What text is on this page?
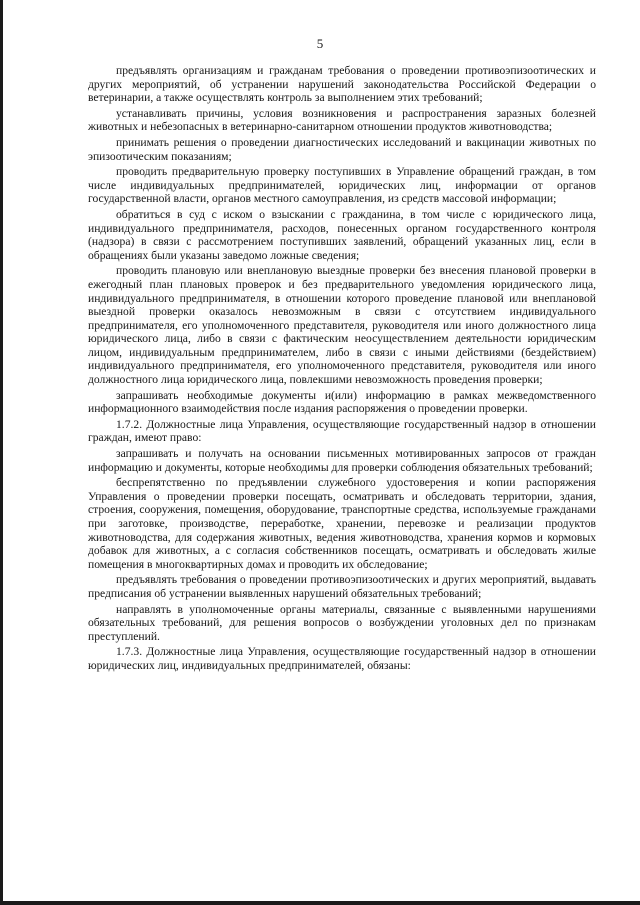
5

предъявлять организациям и гражданам требования о проведении противоэпизоотических и других мероприятий, об устранении нарушений законодательства Российской Федерации о ветеринарии, а также осуществлять контроль за выполнением этих требований;

устанавливать причины, условия возникновения и распространения заразных болезней животных и небезопасных в ветеринарно-санитарном отношении продуктов животноводства;

принимать решения о проведении диагностических исследований и вакцинации животных по эпизоотическим показаниям;

проводить предварительную проверку поступивших в Управление обращений граждан, в том числе индивидуальных предпринимателей, юридических лиц, информации от органов государственной власти, органов местного самоуправления, из средств массовой информации;

обратиться в суд с иском о взыскании с гражданина, в том числе с юридического лица, индивидуального предпринимателя, расходов, понесенных органом государственного контроля (надзора) в связи с рассмотрением поступивших заявлений, обращений указанных лиц, если в обращениях были указаны заведомо ложные сведения;

проводить плановую или внеплановую выездные проверки без внесения плановой проверки в ежегодный план плановых проверок и без предварительного уведомления юридического лица, индивидуального предпринимателя, в отношении которого проведение плановой или внеплановой выездной проверки оказалось невозможным в связи с отсутствием индивидуального предпринимателя, его уполномоченного представителя, руководителя или иного должностного лица юридического лица, либо в связи с фактическим неосуществлением деятельности юридическим лицом, индивидуальным предпринимателем, либо в связи с иными действиями (бездействием) индивидуального предпринимателя, его уполномоченного представителя, руководителя или иного должностного лица юридического лица, повлекшими невозможность проведения проверки;

запрашивать необходимые документы и(или) информацию в рамках межведомственного информационного взаимодействия после издания распоряжения о проведении проверки.

1.7.2. Должностные лица Управления, осуществляющие государственный надзор в отношении граждан, имеют право:

запрашивать и получать на основании письменных мотивированных запросов от граждан информацию и документы, которые необходимы для проверки соблюдения обязательных требований;

беспрепятственно по предъявлении служебного удостоверения и копии распоряжения Управления о проведении проверки посещать, осматривать и обследовать территории, здания, строения, сооружения, помещения, оборудование, транспортные средства, используемые гражданами при заготовке, производстве, переработке, хранении, перевозке и реализации продуктов животноводства, для содержания животных, ведения животноводства, хранения кормов и кормовых добавок для животных, а с согласия собственников посещать, осматривать и обследовать жилые помещения в многоквартирных домах и проводить их обследование;

предъявлять требования о проведении противоэпизоотических и других мероприятий, выдавать предписания об устранении выявленных нарушений обязательных требований;

направлять в уполномоченные органы материалы, связанные с выявленными нарушениями обязательных требований, для решения вопросов о возбуждении уголовных дел по признакам преступлений.

1.7.3. Должностные лица Управления, осуществляющие государственный надзор в отношении юридических лиц, индивидуальных предпринимателей, обязаны:
